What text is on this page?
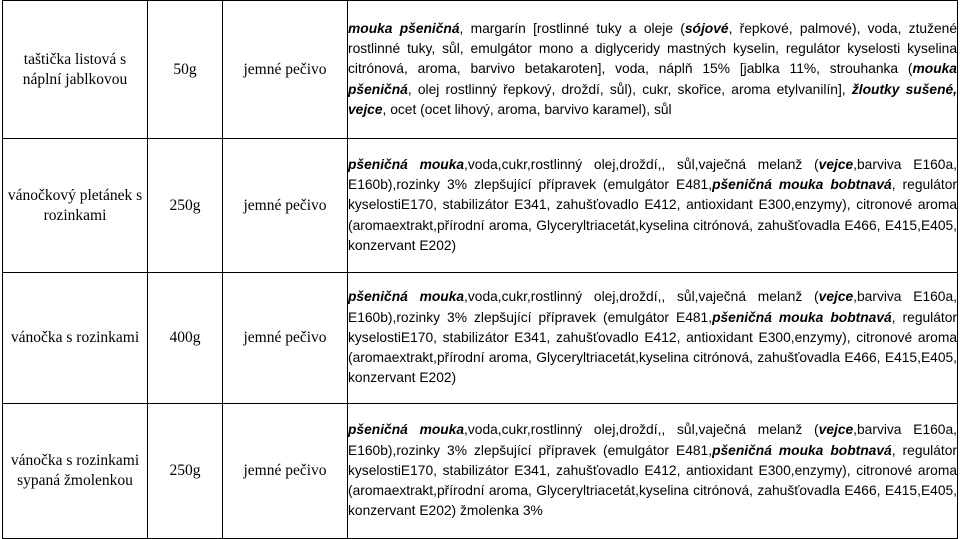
taštička listová s náplní jablkovou	50g	jemné pečivo	mouka pšeničná, margarín [rostlinné tuky a oleje (sójové, řepkové, palmové), voda, ztužené rostlinné tuky, sůl, emulgátor mono a diglyceridy mastných kyselin, regulátor kyselosti kyselina citrónová, aroma, barvivo betakaroten], voda, náplň 15% [jablka 11%, strouhanka (mouka pšeničná, olej rostlinný řepkový, droždí, sůl), cukr, skořice, aroma etylvanilín], žloutky sušené, vejce, ocet (ocet lihový, aroma, barvivo karamel), sůl
vánočkový pletánek s rozinkami	250g	jemné pečivo	pšeničná mouka,voda,cukr,rostlinný olej,droždí,, sůl,vaječná melanž (vejce,barviva E160a, E160b),rozinky 3% zlepšující přípravek (emulgátor E481,pšeničná mouka bobtnavá, regulátor kyselostiE170, stabilizátor E341, zahušťovadlo E412, antioxidant E300,enzymy), citronové aroma (aromaextrakt,přírodní aroma, Glyceryltriacetát,kyselina citrónová, zahušťovadla E466, E415,E405, konzervant E202)
vánočka s rozinkami	400g	jemné pečivo	pšeničná mouka,voda,cukr,rostlinný olej,droždí,, sůl,vaječná melanž (vejce,barviva E160a, E160b),rozinky 3% zlepšující přípravek (emulgátor E481,pšeničná mouka bobtnavá, regulátor kyselostiE170, stabilizátor E341, zahušťovadlo E412, antioxidant E300,enzymy), citronové aroma (aromaextrakt,přírodní aroma, Glyceryltriacetát,kyselina citrónová, zahušťovadla E466, E415,E405, konzervant E202)
vánočka s rozinkami sypaná žmolenkou	250g	jemné pečivo	pšeničná mouka,voda,cukr,rostlinný olej,droždí,, sůl,vaječná melanž (vejce,barviva E160a, E160b),rozinky 3% zlepšující přípravek (emulgátor E481,pšeničná mouka bobtnavá, regulátor kyselostiE170, stabilizátor E341, zahušťovadlo E412, antioxidant E300,enzymy), citronové aroma (aromaextrakt,přírodní aroma, Glyceryltriacetát,kyselina citrónová, zahušťovadla E466, E415,E405, konzervant E202) žmolenka 3%
